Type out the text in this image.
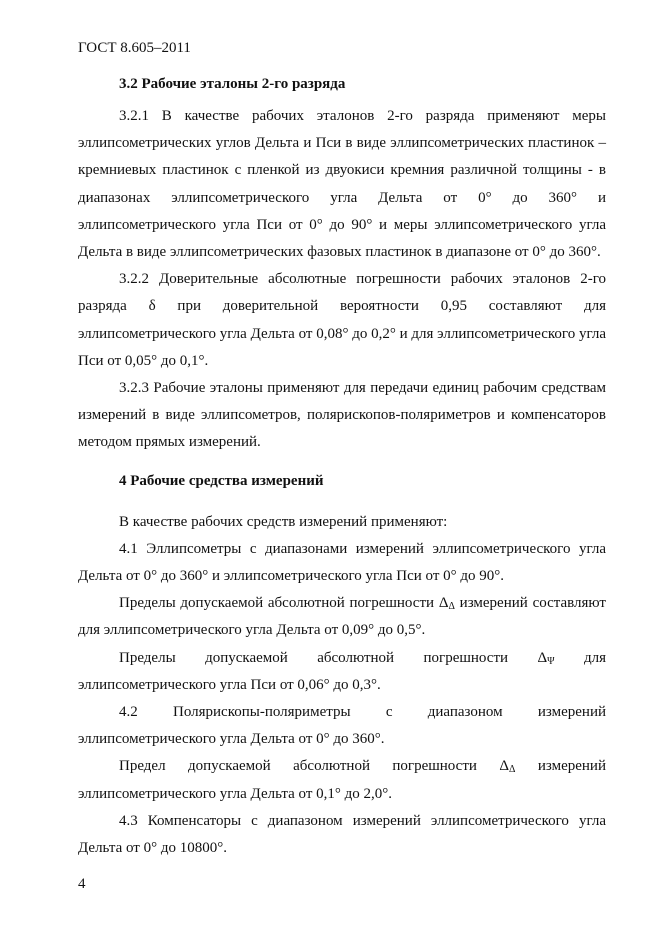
ГОСТ 8.605–2011

3.2 Рабочие эталоны 2-го разряда

3.2.1 В качестве рабочих эталонов 2-го разряда применяют меры эллипсометрических углов Дельта и Пси в виде эллипсометрических пластинок – кремниевых пластинок с пленкой из двуокиси кремния различной толщины - в диапазонах эллипсометрического угла Дельта от 0° до 360° и эллипсометрического угла Пси от 0° до 90° и меры эллипсометрического угла Дельта в виде эллипсометрических фазовых пластинок в диапазоне от 0° до 360°.

3.2.2 Доверительные абсолютные погрешности рабочих эталонов 2-го разряда δ при доверительной вероятности 0,95 составляют для эллипсометрического угла Дельта от 0,08° до 0,2° и для эллипсометрического угла Пси от 0,05° до 0,1°.

3.2.3 Рабочие эталоны применяют для передачи единиц рабочим средствам измерений в виде эллипсометров, поляриcкопов-поляриметров и компенсаторов методом прямых измерений.

4 Рабочие средства измерений

В качестве рабочих средств измерений применяют:

4.1 Эллипсометры с диапазонами измерений эллипсометрического угла Дельта от 0° до 360° и эллипсометрического угла Пси от 0° до 90°.

Пределы допускаемой абсолютной погрешности $\Delta_\Delta$ измерений составляют для эллипсометрического угла Дельта от 0,09° до 0,5°.

Пределы допускаемой абсолютной погрешности $\Delta_\Psi$ для эллипсометрического угла Пси от 0,06° до 0,3°.

4.2 Поляриcкопы-поляриметры с диапазоном измерений эллипсометрического угла Дельта от 0° до 360°.

Предел допускаемой абсолютной погрешности $\Delta_\Delta$ измерений эллипсометрического угла Дельта от 0,1° до 2,0°.

4.3 Компенсаторы с диапазоном измерений эллипсометрического угла Дельта от 0° до 10800°.

4
